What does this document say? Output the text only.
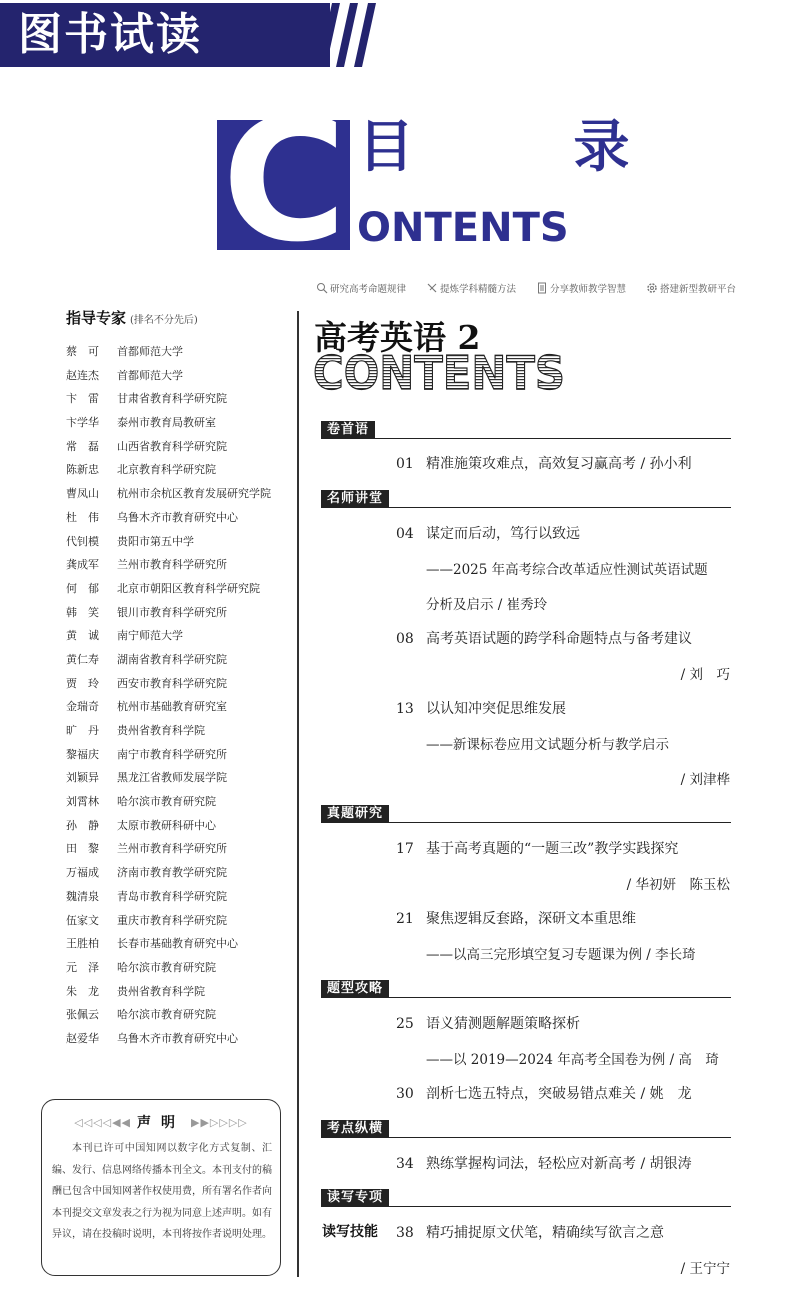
图书试读
C 目 录
ONTENTS
研究高考命题规律	提炼学科精髓方法	分享教师教学智慧	搭建新型教研平台
指导专家 (排名不分先后)
蔡　可	首都师范大学
赵连杰	首都师范大学
卞　雷	甘肃省教育科学研究院
卞学华	泰州市教育局教研室
常　磊	山西省教育科学研究院
陈新忠	北京教育科学研究院
曹凤山	杭州市余杭区教育发展研究学院
杜　伟	乌鲁木齐市教育研究中心
代钊模	贵阳市第五中学
龚成军	兰州市教育科学研究所
何　郁	北京市朝阳区教育科学研究院
韩　笑	银川市教育科学研究所
黄　诚	南宁师范大学
黄仁寿	湖南省教育科学研究院
贾　玲	西安市教育科学研究院
金瑞奇	杭州市基础教育研究室
旷　丹	贵州省教育科学院
黎福庆	南宁市教育科学研究所
刘颖异	黑龙江省教师发展学院
刘霄林	哈尔滨市教育研究院
孙　静	太原市教研科研中心
田　黎	兰州市教育科学研究所
万福成	济南市教育教学研究院
魏清泉	青岛市教育科学研究院
伍家文	重庆市教育科学研究院
王胜柏	长春市基础教育研究中心
元　泽	哈尔滨市教育研究院
朱　龙	贵州省教育科学院
张佩云	哈尔滨市教育研究院
赵爱华	乌鲁木齐市教育研究中心
◁◁◁◁◀◀ 声明 ▶▶▷▷▷▷
本刊已许可中国知网以数字化方式复制、汇编、发行、信息网络传播本刊全文。本刊支付的稿酬已包含中国知网著作权使用费，所有署名作者向本刊提交文章发表之行为视为同意上述声明。如有异议，请在投稿时说明，本刊将按作者说明处理。
高考英语 2
CONTENTS
卷首语
名师讲堂
真题研究
题型攻略
考点纵横
读写专项
01 精准施策攻难点，高效复习赢高考 / 孙小利
04 谋定而后动，笃行以致远
——2025 年高考综合改革适应性测试英语试题
分析及启示 / 崔秀玲
08 高考英语试题的跨学科命题特点与备考建议
/ 刘　巧
13 以认知冲突促思维发展
——新课标卷应用文试题分析与教学启示
/ 刘津桦
17 基于高考真题的“一题三改”教学实践探究
/ 华初妍　陈玉松
21 聚焦逻辑反套路，深研文本重思维
——以高三完形填空复习专题课为例 / 李长琦
25 语义猜测题解题策略探析
——以 2019—2024 年高考全国卷为例 / 高　琦
30 剖析七选五特点，突破易错点难关 / 姚　龙
34 熟练掌握构词法，轻松应对新高考 / 胡银涛
读写技能 38 精巧捕捉原文伏笔，精确续写欲言之意
/ 王宁宁
